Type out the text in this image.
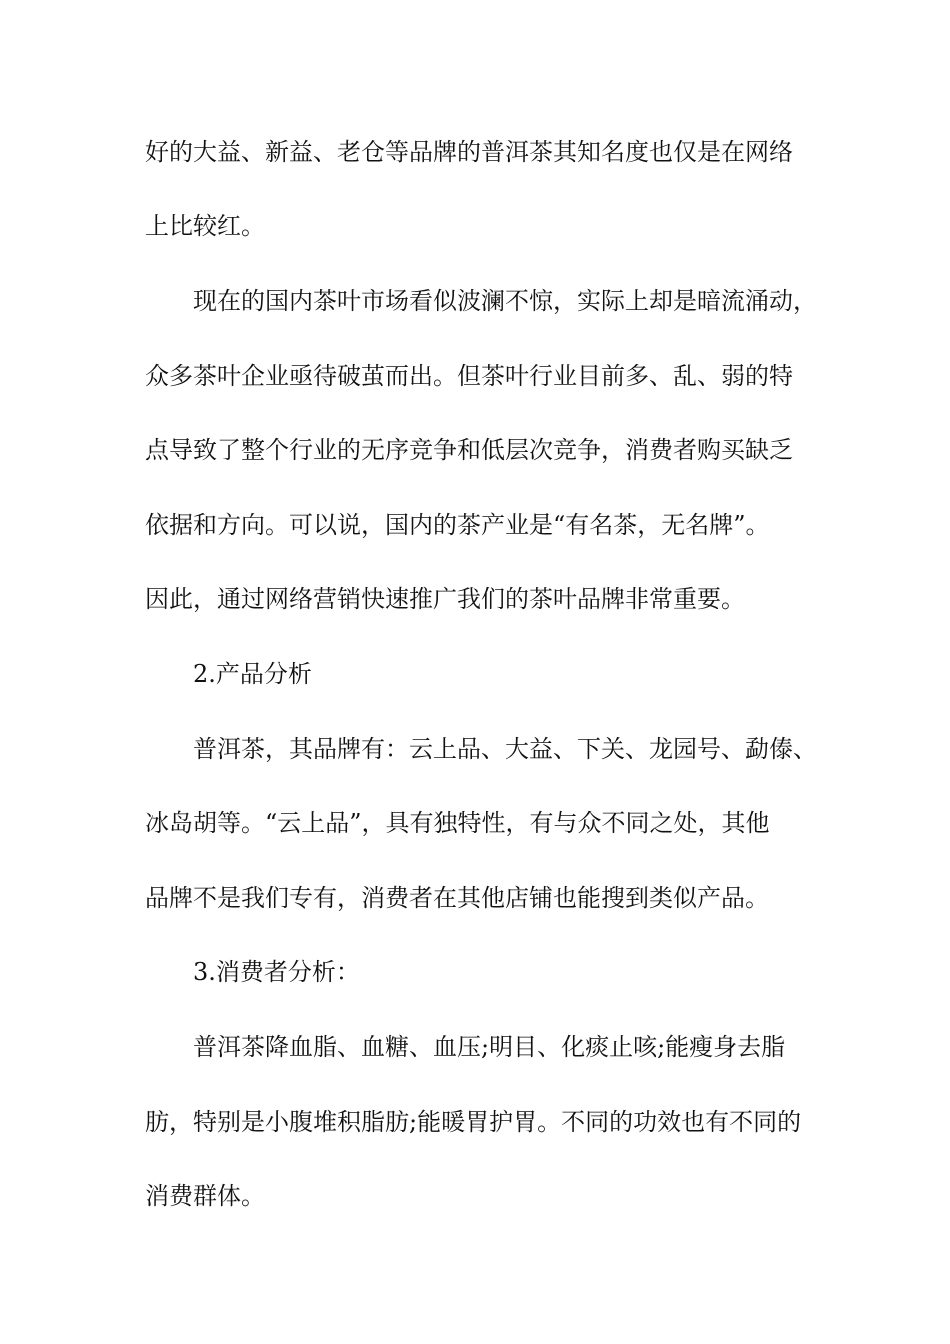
好的大益、新益、老仓等品牌的普洱茶其知名度也仅是在网络

上比较红。

现在的国内茶叶市场看似波澜不惊，实际上却是暗流涌动，

众多茶叶企业亟待破茧而出。但茶叶行业目前多、乱、弱的特

点导致了整个行业的无序竞争和低层次竞争，消费者购买缺乏

依据和方向。可以说，国内的茶产业是“有名茶，无名牌”。

因此，通过网络营销快速推广我们的茶叶品牌非常重要。

2.产品分析

普洱茶，其品牌有：云上品、大益、下关、龙园号、勐傣、

冰岛胡等。“云上品”，具有独特性，有与众不同之处，其他

品牌不是我们专有，消费者在其他店铺也能搜到类似产品。

3.消费者分析：

普洱茶降血脂、血糖、血压;明目、化痰止咳;能瘦身去脂

肪，特别是小腹堆积脂肪;能暖胃护胃。不同的功效也有不同的

消费群体。
